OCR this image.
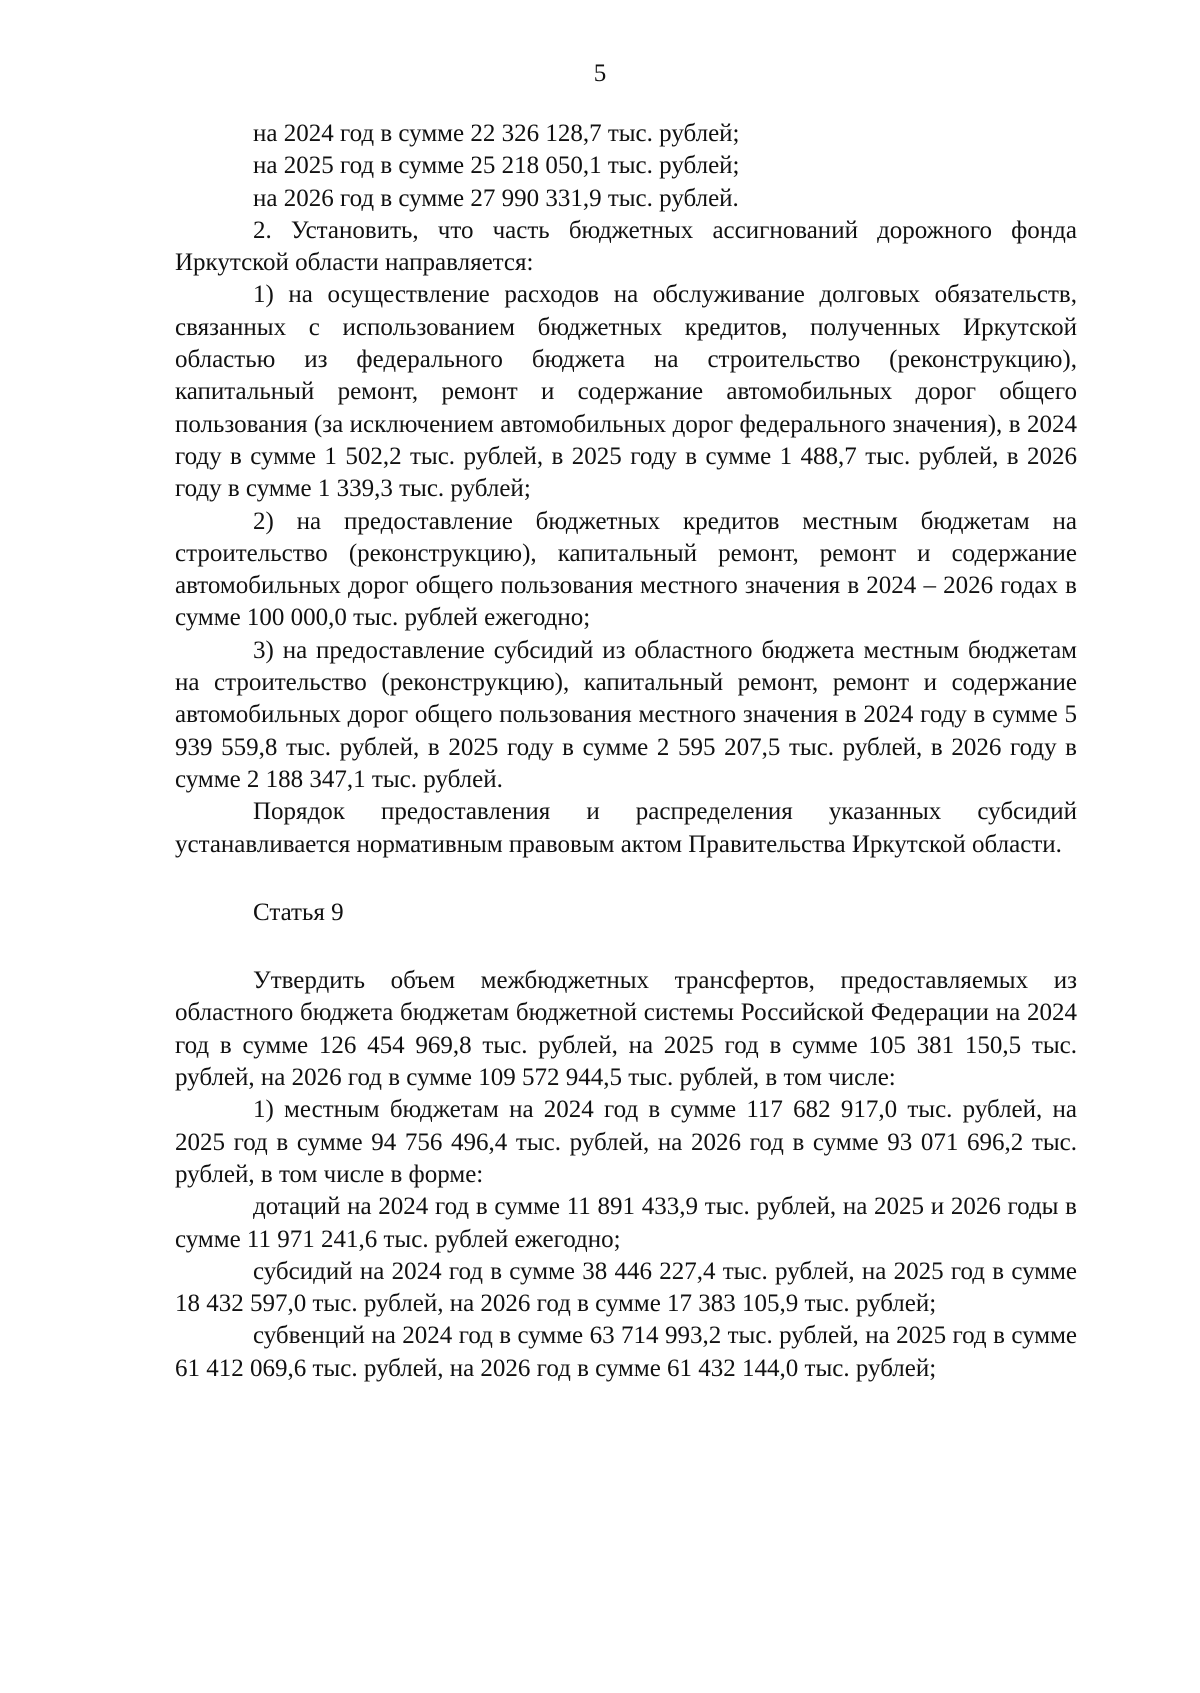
5

на 2024 год в сумме 22 326 128,7 тыс. рублей;

на 2025 год в сумме 25 218 050,1 тыс. рублей;

на 2026 год в сумме 27 990 331,9 тыс. рублей.

2. Установить, что часть бюджетных ассигнований дорожного фонда Иркутской области направляется:

1) на осуществление расходов на обслуживание долговых обязательств, связанных с использованием бюджетных кредитов, полученных Иркутской областью из федерального бюджета на строительство (реконструкцию), капитальный ремонт, ремонт и содержание автомобильных дорог общего пользования (за исключением автомобильных дорог федерального значения), в 2024 году в сумме 1 502,2 тыс. рублей, в 2025 году в сумме 1 488,7 тыс. рублей, в 2026 году в сумме 1 339,3 тыс. рублей;

2) на предоставление бюджетных кредитов местным бюджетам на строительство (реконструкцию), капитальный ремонт, ремонт и содержание автомобильных дорог общего пользования местного значения в 2024 – 2026 годах в сумме 100 000,0 тыс. рублей ежегодно;

3) на предоставление субсидий из областного бюджета местным бюджетам на строительство (реконструкцию), капитальный ремонт, ремонт и содержание автомобильных дорог общего пользования местного значения в 2024 году в сумме 5 939 559,8 тыс. рублей, в 2025 году в сумме 2 595 207,5 тыс. рублей, в 2026 году в сумме 2 188 347,1 тыс. рублей.

Порядок предоставления и распределения указанных субсидий устанавливается нормативным правовым актом Правительства Иркутской области.

Статья 9

Утвердить объем межбюджетных трансфертов, предоставляемых из областного бюджета бюджетам бюджетной системы Российской Федерации на 2024 год в сумме 126 454 969,8 тыс. рублей, на 2025 год в сумме 105 381 150,5 тыс. рублей, на 2026 год в сумме 109 572 944,5 тыс. рублей, в том числе:

1) местным бюджетам на 2024 год в сумме 117 682 917,0 тыс. рублей, на 2025 год в сумме 94 756 496,4 тыс. рублей, на 2026 год в сумме 93 071 696,2 тыс. рублей, в том числе в форме:

дотаций на 2024 год в сумме 11 891 433,9 тыс. рублей, на 2025 и 2026 годы в сумме 11 971 241,6 тыс. рублей ежегодно;

субсидий на 2024 год в сумме 38 446 227,4 тыс. рублей, на 2025 год в сумме 18 432 597,0 тыс. рублей, на 2026 год в сумме 17 383 105,9 тыс. рублей;

субвенций на 2024 год в сумме 63 714 993,2 тыс. рублей, на 2025 год в сумме 61 412 069,6 тыс. рублей, на 2026 год в сумме 61 432 144,0 тыс. рублей;
